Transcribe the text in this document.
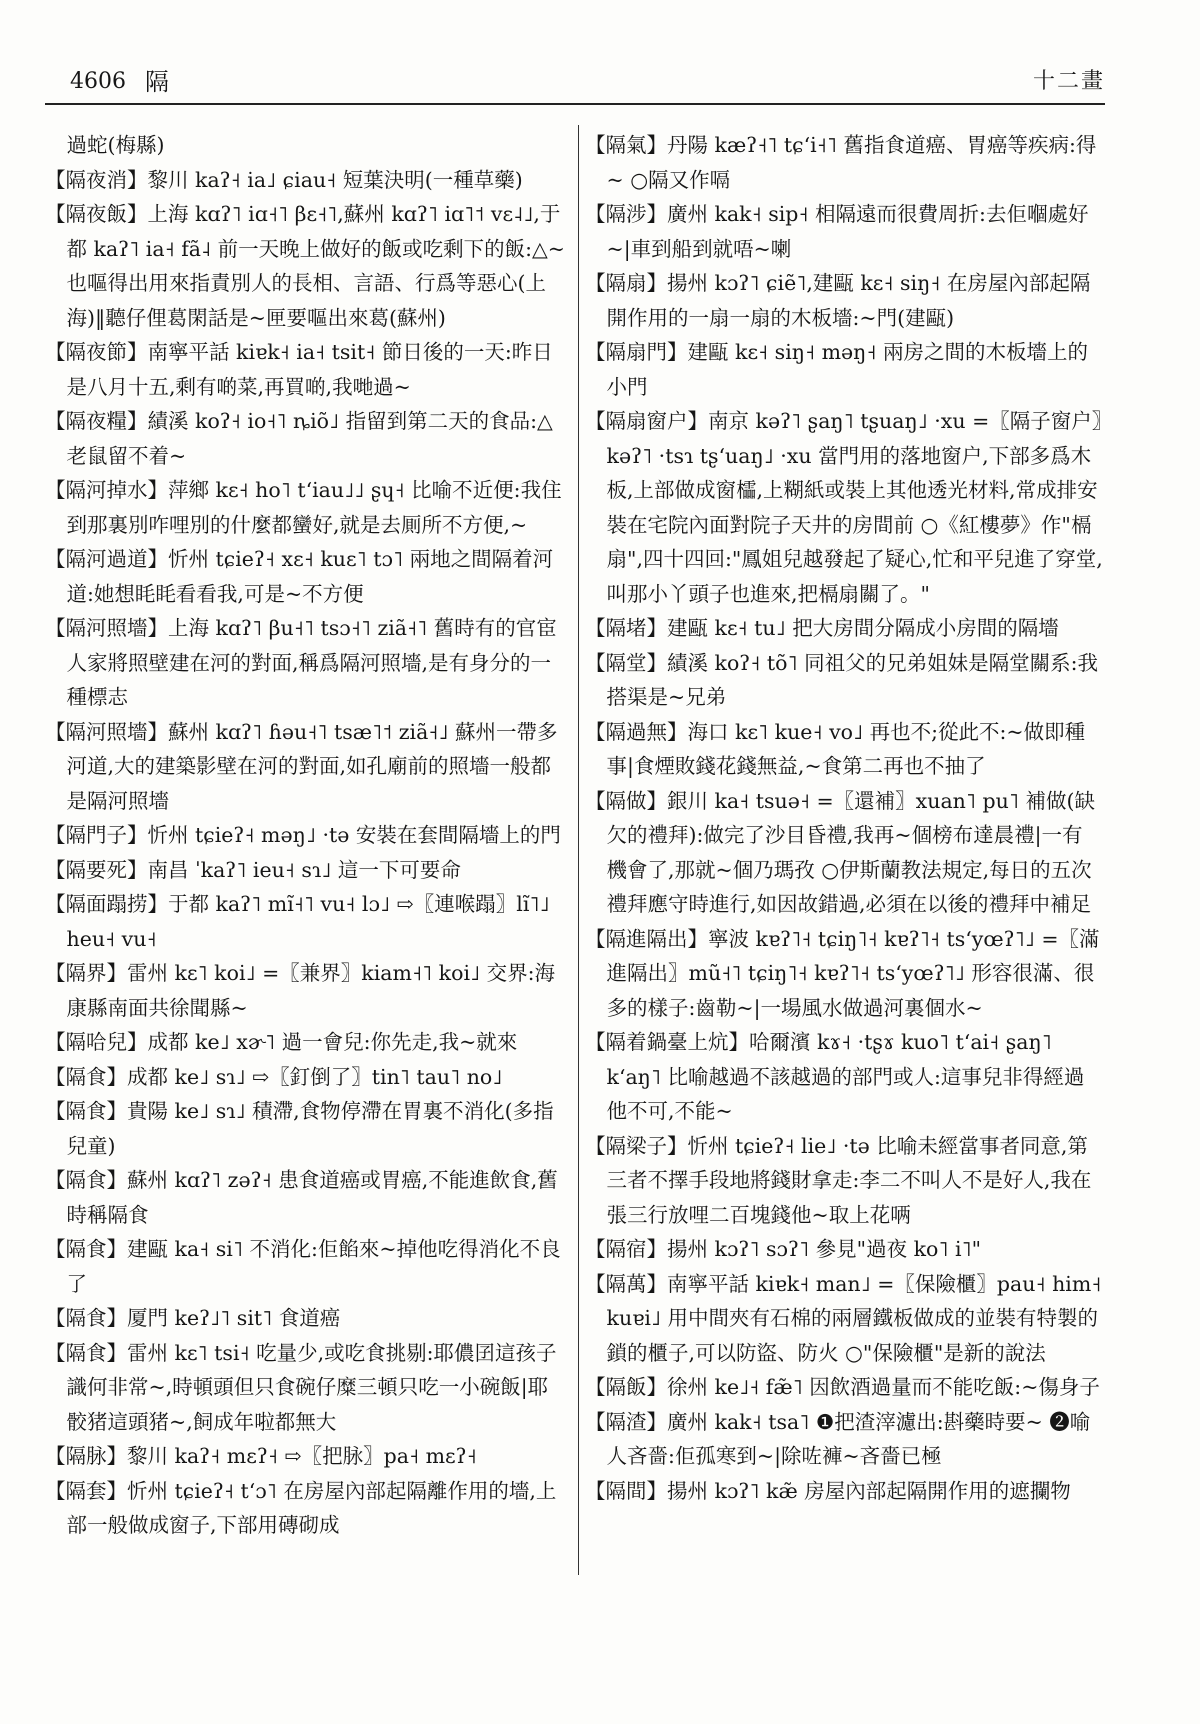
4606 隔	十二畫

過蛇(梅縣)

【隔夜消】黎川 kaʔ˧ ia˩ ɕiau˧ 短葉決明(一種草藥)

【隔夜飯】上海 kɑʔ˥ iɑ˧˥ βɛ˧˥,蘇州 kɑʔ˥ iɑ˥˦ vɛ˨˩,于都 kaʔ˥ ia˧ fã˨ 前一天晚上做好的飯或吃剩下的飯:△~也嘔得出用來指責別人的長相、言語、行爲等惡心(上海)‖聽仔俚葛閑話是~匣要嘔出來葛(蘇州)

【隔夜節】南寧平話 kiɐk˧ ia˧ tsit˧ 節日後的一天:昨日是八月十五,剩有啲菜,再買啲,我哋過~

【隔夜糧】績溪 koʔ˧ io˧˥ ȵiõ˩ 指留到第二天的食品:△老鼠留不着~

【隔河掉水】萍鄉 kɛ˧ ho˥ tʻiau˩˩ ʂɥ˧ 比喻不近便:我住到那裏別咋哩別的什麼都蠻好,就是去厠所不方便,~

【隔河過道】忻州 tɕieʔ˧ xɛ˧ kuɛ˥ tɔ˥ 兩地之間隔着河道:她想眊眊看看我,可是~不方便

【隔河照墻】上海 kɑʔ˥ βu˧˥ tsɔ˧˥ ziã˧˥ 舊時有的官宦人家將照壁建在河的對面,稱爲隔河照墻,是有身分的一種標志

【隔河照墻】蘇州 kɑʔ˥ ɦəu˧˥ tsæ˥˦ ziã˧˩ 蘇州一帶多河道,大的建築影壁在河的對面,如孔廟前的照墻一般都是隔河照墻

【隔門子】忻州 tɕieʔ˧ məŋ˩ ·tə 安裝在套間隔墻上的門

【隔要死】南昌 ˈkaʔ˥ ieu˧ sɿ˩ 這一下可要命

【隔面蹋捞】于都 kaʔ˥ mĩ˧˥ vu˧ lɔ˩ ⇨〖連喉蹋〗lĩ˥˩ heu˧ vu˧

【隔界】雷州 kɛ˥ koi˩ =〖兼界〗kiam˧˥ koi˩ 交界:海康縣南面共徐聞縣~

【隔哈兒】成都 ke˩ xɚ˥ 過一會兒:你先走,我~就來

【隔食】成都 ke˩ sɿ˩ ⇨〖釘倒了〗tin˥ tau˥ no˩

【隔食】貴陽 ke˩ sɿ˩ 積滯,食物停滯在胃裏不消化(多指兒童)

【隔食】蘇州 kɑʔ˥ zəʔ˧ 患食道癌或胃癌,不能進飲食,舊時稱隔食

【隔食】建甌 ka˧ si˥ 不消化:佢餡來~掉他吃得消化不良了

【隔食】厦門 keʔ˩˥ sit˥ 食道癌

【隔食】雷州 kɛ˥ tsi˧ 吃量少,或吃食挑剔:耶儂囝這孩子識何非常~,時頓頭但只食碗仔糜三頓只吃一小碗飯|耶骹猪這頭猪~,飼成年啦都無大

【隔脉】黎川 kaʔ˧ mɛʔ˧ ⇨〖把脉〗pa˧ mɛʔ˧

【隔套】忻州 tɕieʔ˧ tʻɔ˥ 在房屋內部起隔離作用的墻,上部一般做成窗子,下部用磚砌成

【隔氣】丹陽 kæʔ˧˥ tɕʻi˧˥ 舊指食道癌、胃癌等疾病:得~ ○隔又作嗝

【隔涉】廣州 kak˧ sip˧ 相隔遠而很費周折:去佢嗰處好~|車到船到就唔~喇

【隔扇】揚州 kɔʔ˥ ɕiẽ˥,建甌 kɛ˧ siŋ˧ 在房屋內部起隔開作用的一扇一扇的木板墻:~門(建甌)

【隔扇門】建甌 kɛ˧ siŋ˧ məŋ˧ 兩房之間的木板墻上的小門

【隔扇窗户】南京 kəʔ˥ ʂaŋ˥ tʂuaŋ˩ ·xu =〖隔子窗户〗kəʔ˥ ·tsɿ tʂʻuaŋ˩ ·xu 當門用的落地窗户,下部多爲木板,上部做成窗櫺,上糊紙或裝上其他透光材料,常成排安裝在宅院內面對院子天井的房間前 ○《紅樓夢》作"槅扇",四十四回:"鳳姐兒越發起了疑心,忙和平兒進了穿堂,叫那小丫頭子也進來,把槅扇關了。"

【隔堵】建甌 kɛ˧ tu˩ 把大房間分隔成小房間的隔墻

【隔堂】績溪 koʔ˧ tõ˥ 同祖父的兄弟姐妹是隔堂關系:我搭渠是~兄弟

【隔過無】海口 kɛ˥ kue˧ vo˩ 再也不;從此不:~做即種事|食煙敗錢花錢無益,~食第二再也不抽了

【隔做】銀川 ka˧ tsuə˧ =〖還補〗xuan˥ pu˥ 補做(缺欠的禮拜):做完了沙目昏禮,我再~個榜布達晨禮|一有機會了,那就~個乃瑪孜 ○伊斯蘭教法規定,每日的五次禮拜應守時進行,如因故錯過,必須在以後的禮拜中補足

【隔進隔出】寧波 kɐʔ˥˧ tɕiŋ˥˧ kɐʔ˥˧ tsʻyœʔ˥˩ =〖滿進隔出〗mũ˧˥ tɕiŋ˥˧ kɐʔ˥˧ tsʻyœʔ˥˩ 形容很滿、很多的樣子:齒勒~|一場風水做過河裏個水~

【隔着鍋臺上炕】哈爾濱 kɤ˧ ·tʂɤ kuo˥ tʻai˧ ʂaŋ˥ kʻaŋ˥ 比喻越過不該越過的部門或人:這事兒非得經過他不可,不能~

【隔梁子】忻州 tɕieʔ˧ lie˩ ·tə 比喻未經當事者同意,第三者不擇手段地將錢財拿走:李二不叫人不是好人,我在張三行放哩二百塊錢他~取上花唡

【隔宿】揚州 kɔʔ˥ sɔʔ˥ 參見"過夜 ko˥ i˥"

【隔萬】南寧平話 kiɐk˧ man˩ =〖保險櫃〗pau˧ him˧ kuɐi˩ 用中間夾有石棉的兩層鐵板做成的並裝有特製的鎖的櫃子,可以防盜、防火 ○"保險櫃"是新的說法

【隔飯】徐州 ke˩˧ fæ̃˥ 因飲酒過量而不能吃飯:~傷身子

【隔渣】廣州 kak˧ tsa˥ ❶把渣滓濾出:斟藥時要~ ❷喻人吝嗇:佢孤寒到~|除咗褲~吝嗇已極

【隔間】揚州 kɔʔ˥ kæ̃ 房屋內部起隔開作用的遮攔物
